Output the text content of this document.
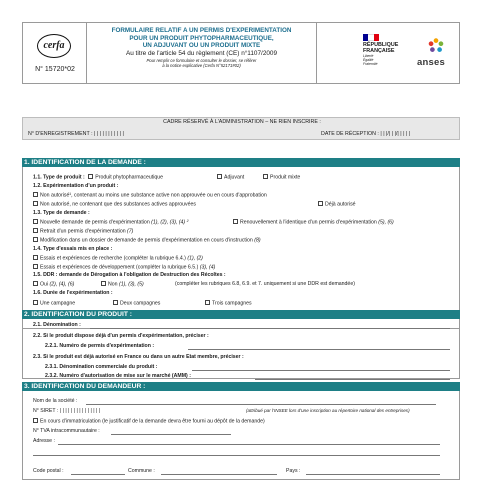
cerfa
N° 15720*02
FORMULAIRE RELATIF A UN PERMIS D'EXPERIMENTATION
POUR UN PRODUIT PHYTOPHARMACEUTIQUE,
UN ADJUVANT OU UN PRODUIT MIXTE
Au titre de l'article 54 du règlement (CE) n°1107/2009
Pour remplir ce formulaire et consulter le dossier, se référer
à la notice explicative (Cerfa N°52171#02)
RÉPUBLIQUE
FRANÇAISE
Liberté
Égalité
Fraternité	anses
CADRE RÉSERVÉ À L'ADMINISTRATION – NE RIEN INSCRIRE :
N° D'ENREGISTREMENT : | | | | | | | | | | |	DATE DE RÉCEPTION : | | |/| | |/| | | | |
1. IDENTIFICATION DE LA DEMANDE :
1.1. Type de produit : Produit phytopharmaceutique	Adjuvant	Produit mixte
1.2. Expérimentation d'un produit :
Non autorisé¹, contenant au moins une substance active non approuvée ou en cours d'approbation
Non autorisé, ne contenant que des substances actives approuvées	Déjà autorisé
1.3. Type de demande :
Nouvelle demande de permis d'expérimentation (1), (2), (3), (4) ²	Renouvellement à l'identique d'un permis d'expérimentation (5), (6)
Retrait d'un permis d'expérimentation (7)
Modification dans un dossier de demande de permis d'expérimentation en cours d'instruction (8)
1.4. Type d'essais mis en place :
Essais et expériences de recherche (compléter la rubrique 6.4.) (1), (2)
Essais et expériences de développement (compléter la rubrique 6.5.) (3), (4)
1.5. DDR : demande de Dérogation à l'obligation de Destruction des Récoltes :
Oui (2), (4), (6)	Non (1), (3), (5)	(compléter les rubriques 6.8, 6.9. et 7. uniquement si une DDR est demandée)
1.6. Durée de l'expérimentation :
Une campagne	Deux campagnes	Trois campagnes
2. IDENTIFICATION DU PRODUIT :
2.1. Dénomination :
2.2. Si le produit dispose déjà d'un permis d'expérimentation, préciser :
2.2.1. Numéro de permis d'expérimentation :
2.3. Si le produit est déjà autorisé en France ou dans un autre Etat membre, préciser :
2.3.1. Dénomination commerciale du produit :
2.3.2. Numéro d'autorisation de mise sur le marché (AMM) :
3. IDENTIFICATION DU DEMANDEUR :
Nom de la société :
N° SIRET : | | | | | | | | | | | | | | |	(attribué par l'INSEE lors d'une inscription au répertoire national des entreprises)
En cours d'immatriculation (le justificatif de la demande devra être fourni au dépôt de la demande)
N° TVA intracommunautaire :
Adresse :
Code postal :	Commune :	Pays :
